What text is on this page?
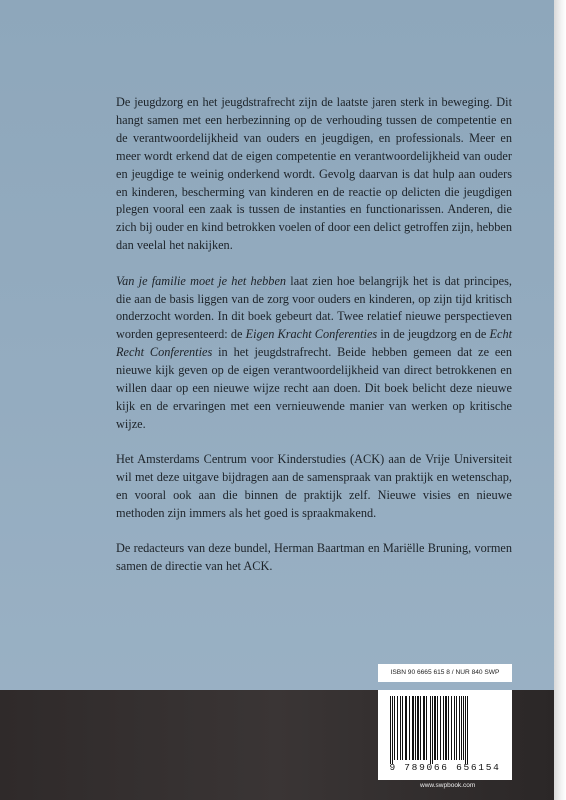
De jeugdzorg en het jeugdstrafrecht zijn de laatste jaren sterk in beweging. Dit hangt samen met een herbezinning op de verhouding tussen de competentie en de verantwoordelijkheid van ouders en jeugdigen, en professionals. Meer en meer wordt erkend dat de eigen competentie en verantwoordelijkheid van ouder en jeugdige te weinig onderkend wordt. Gevolg daarvan is dat hulp aan ouders en kinderen, bescherming van kinderen en de reactie op delicten die jeugdigen plegen vooral een zaak is tussen de instanties en functionarissen. Anderen, die zich bij ouder en kind betrokken voelen of door een delict getroffen zijn, hebben dan veelal het nakijken.

Van je familie moet je het hebben laat zien hoe belangrijk het is dat principes, die aan de basis liggen van de zorg voor ouders en kinderen, op zijn tijd kritisch onderzocht worden. In dit boek gebeurt dat. Twee relatief nieuwe perspectieven worden gepresenteerd: de Eigen Kracht Conferenties in de jeugdzorg en de Echt Recht Conferenties in het jeugdstrafrecht. Beide hebben gemeen dat ze een nieuwe kijk geven op de eigen verantwoordelijkheid van direct betrokkenen en willen daar op een nieuwe wijze recht aan doen. Dit boek belicht deze nieuwe kijk en de ervaringen met een vernieuwende manier van werken op kritische wijze.

Het Amsterdams Centrum voor Kinderstudies (ACK) aan de Vrije Universiteit wil met deze uitgave bijdragen aan de samenspraak van praktijk en wetenschap, en vooral ook aan die binnen de praktijk zelf. Nieuwe visies en nieuwe methoden zijn immers als het goed is spraakmakend.

De redacteurs van deze bundel, Herman Baartman en Mariëlle Bruning, vormen samen de directie van het ACK.

ISBN 90 6665 615 8 / NUR 840 SWP
9 789066 656154
www.swpbook.com
